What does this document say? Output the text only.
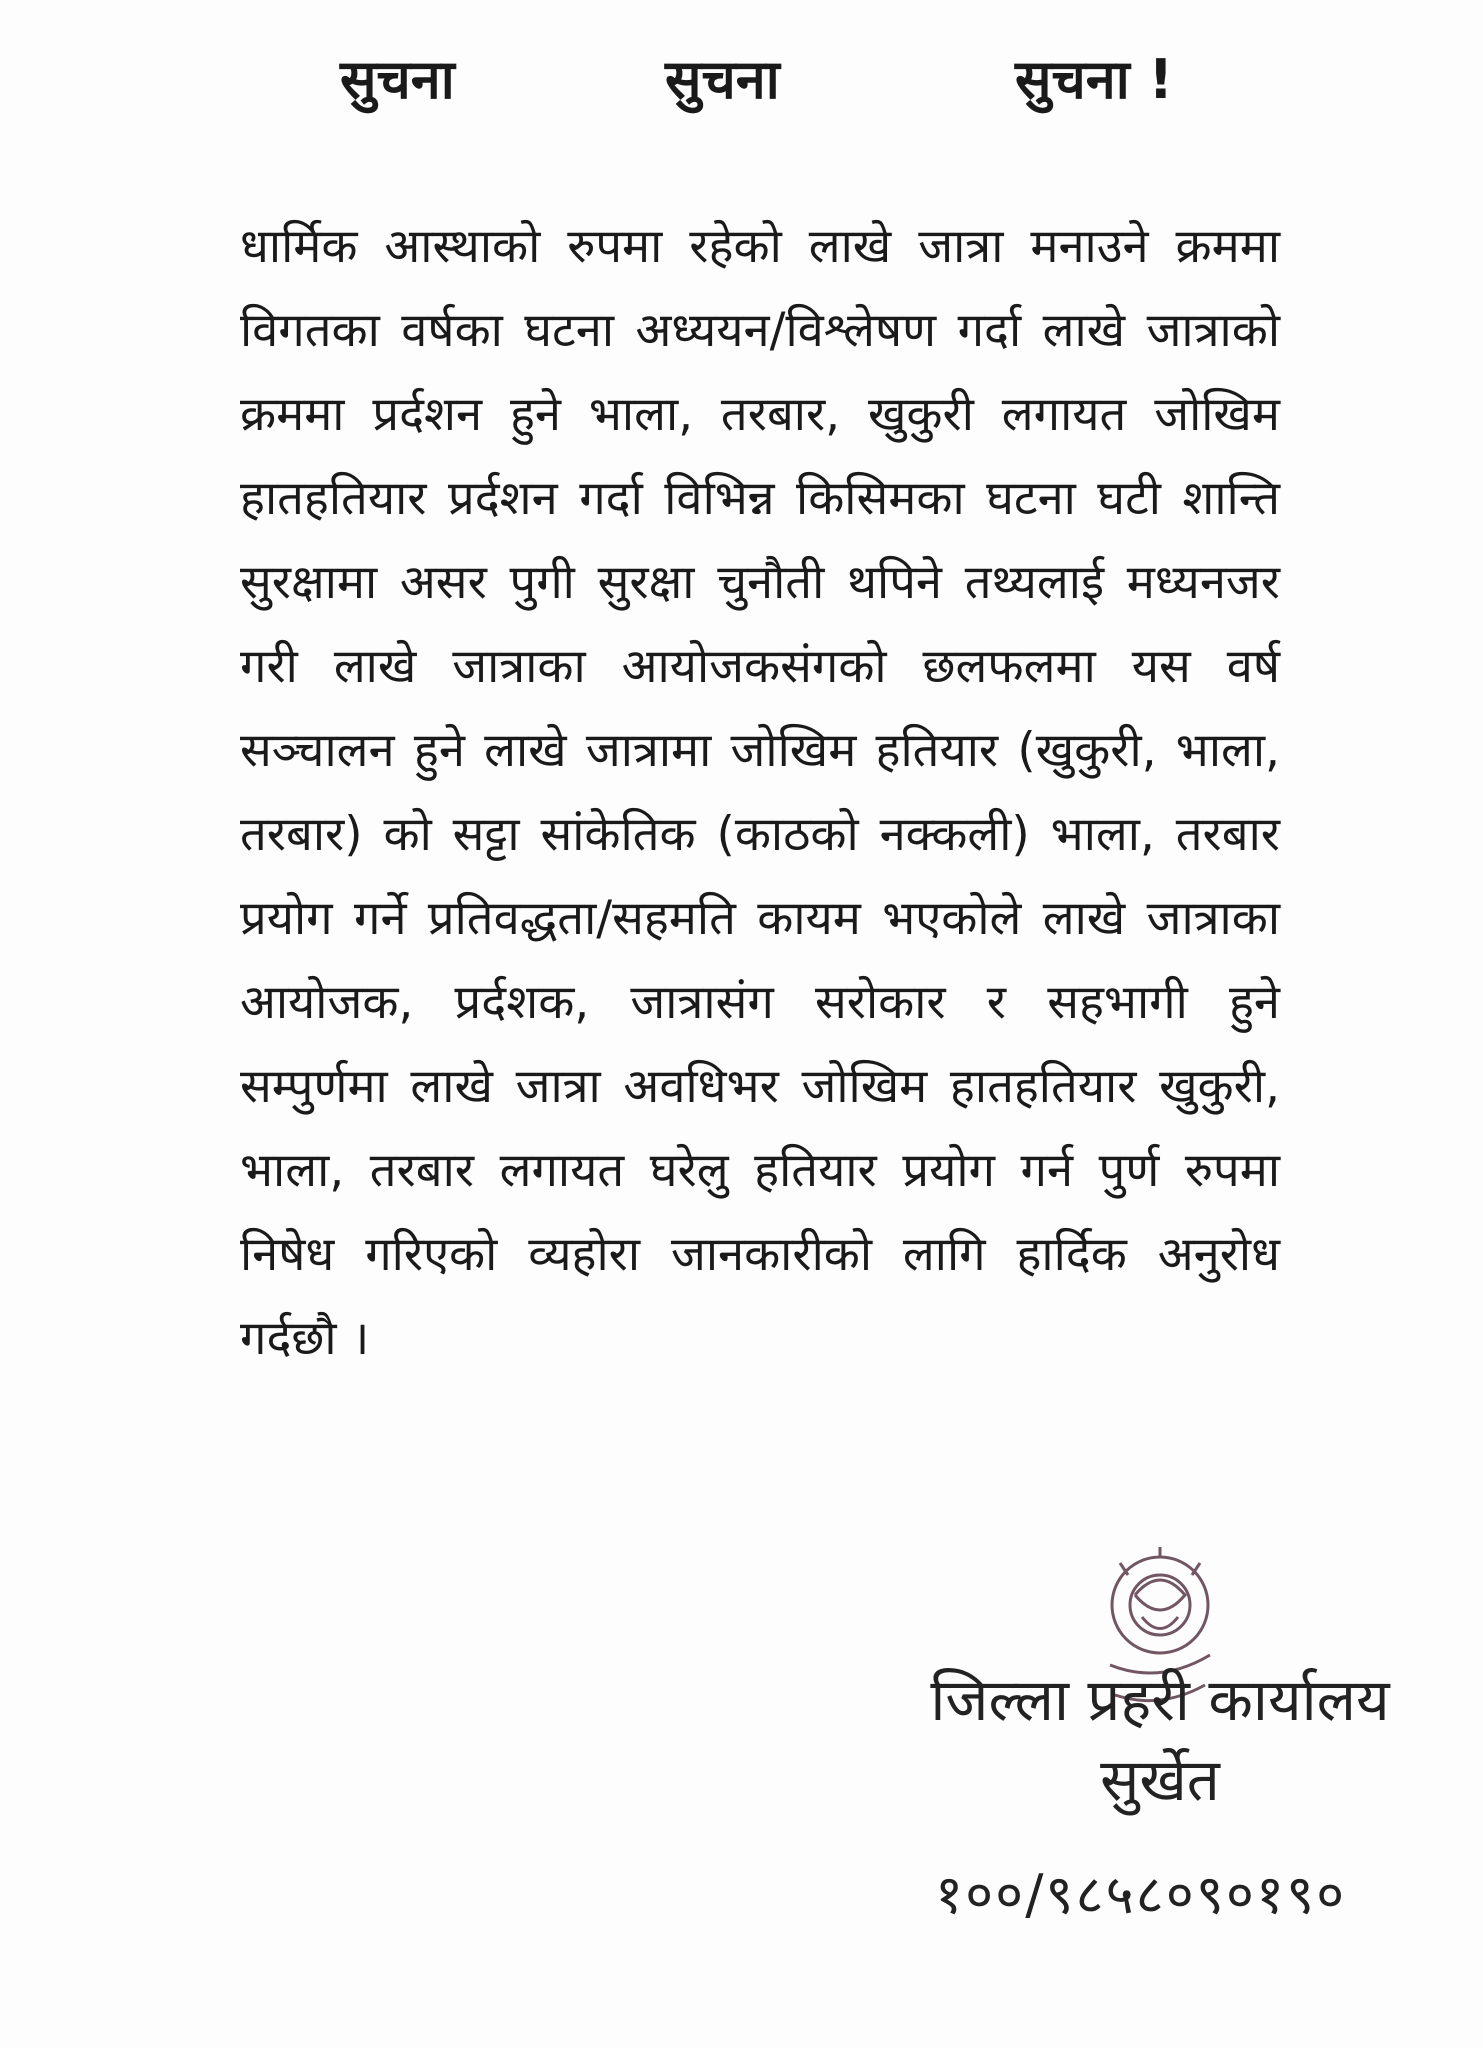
सुचना	सुचना	सुचना !

धार्मिक आस्थाको रुपमा रहेको लाखे जात्रा मनाउने क्रममा विगतका वर्षका घटना अध्ययन/विश्लेषण गर्दा लाखे जात्राको क्रममा प्रर्दशन हुने भाला, तरबार, खुकुरी लगायत जोखिम हातहतियार प्रर्दशन गर्दा विभिन्न किसिमका घटना घटी शान्ति सुरक्षामा असर पुगी सुरक्षा चुनौती थपिने तथ्यलाई मध्यनजर गरी लाखे जात्राका आयोजकसंगको छलफलमा यस वर्ष सञ्चालन हुने लाखे जात्रामा जोखिम हतियार (खुकुरी, भाला, तरबार) को सट्टा सांकेतिक (काठको नक्कली) भाला, तरबार प्रयोग गर्ने प्रतिवद्धता/सहमति कायम भएकोले लाखे जात्राका आयोजक, प्रर्दशक, जात्रासंग सरोकार र सहभागी हुने सम्पुर्णमा लाखे जात्रा अवधिभर जोखिम हातहतियार खुकुरी, भाला, तरबार लगायत घरेलु हतियार प्रयोग गर्न पुर्ण रुपमा निषेध गरिएको व्यहोरा जानकारीको लागि हार्दिक अनुरोध गर्दछौ ।

जिल्ला प्रहरी कार्यालय

सुर्खेत

१००/९८५८०९०१९०
